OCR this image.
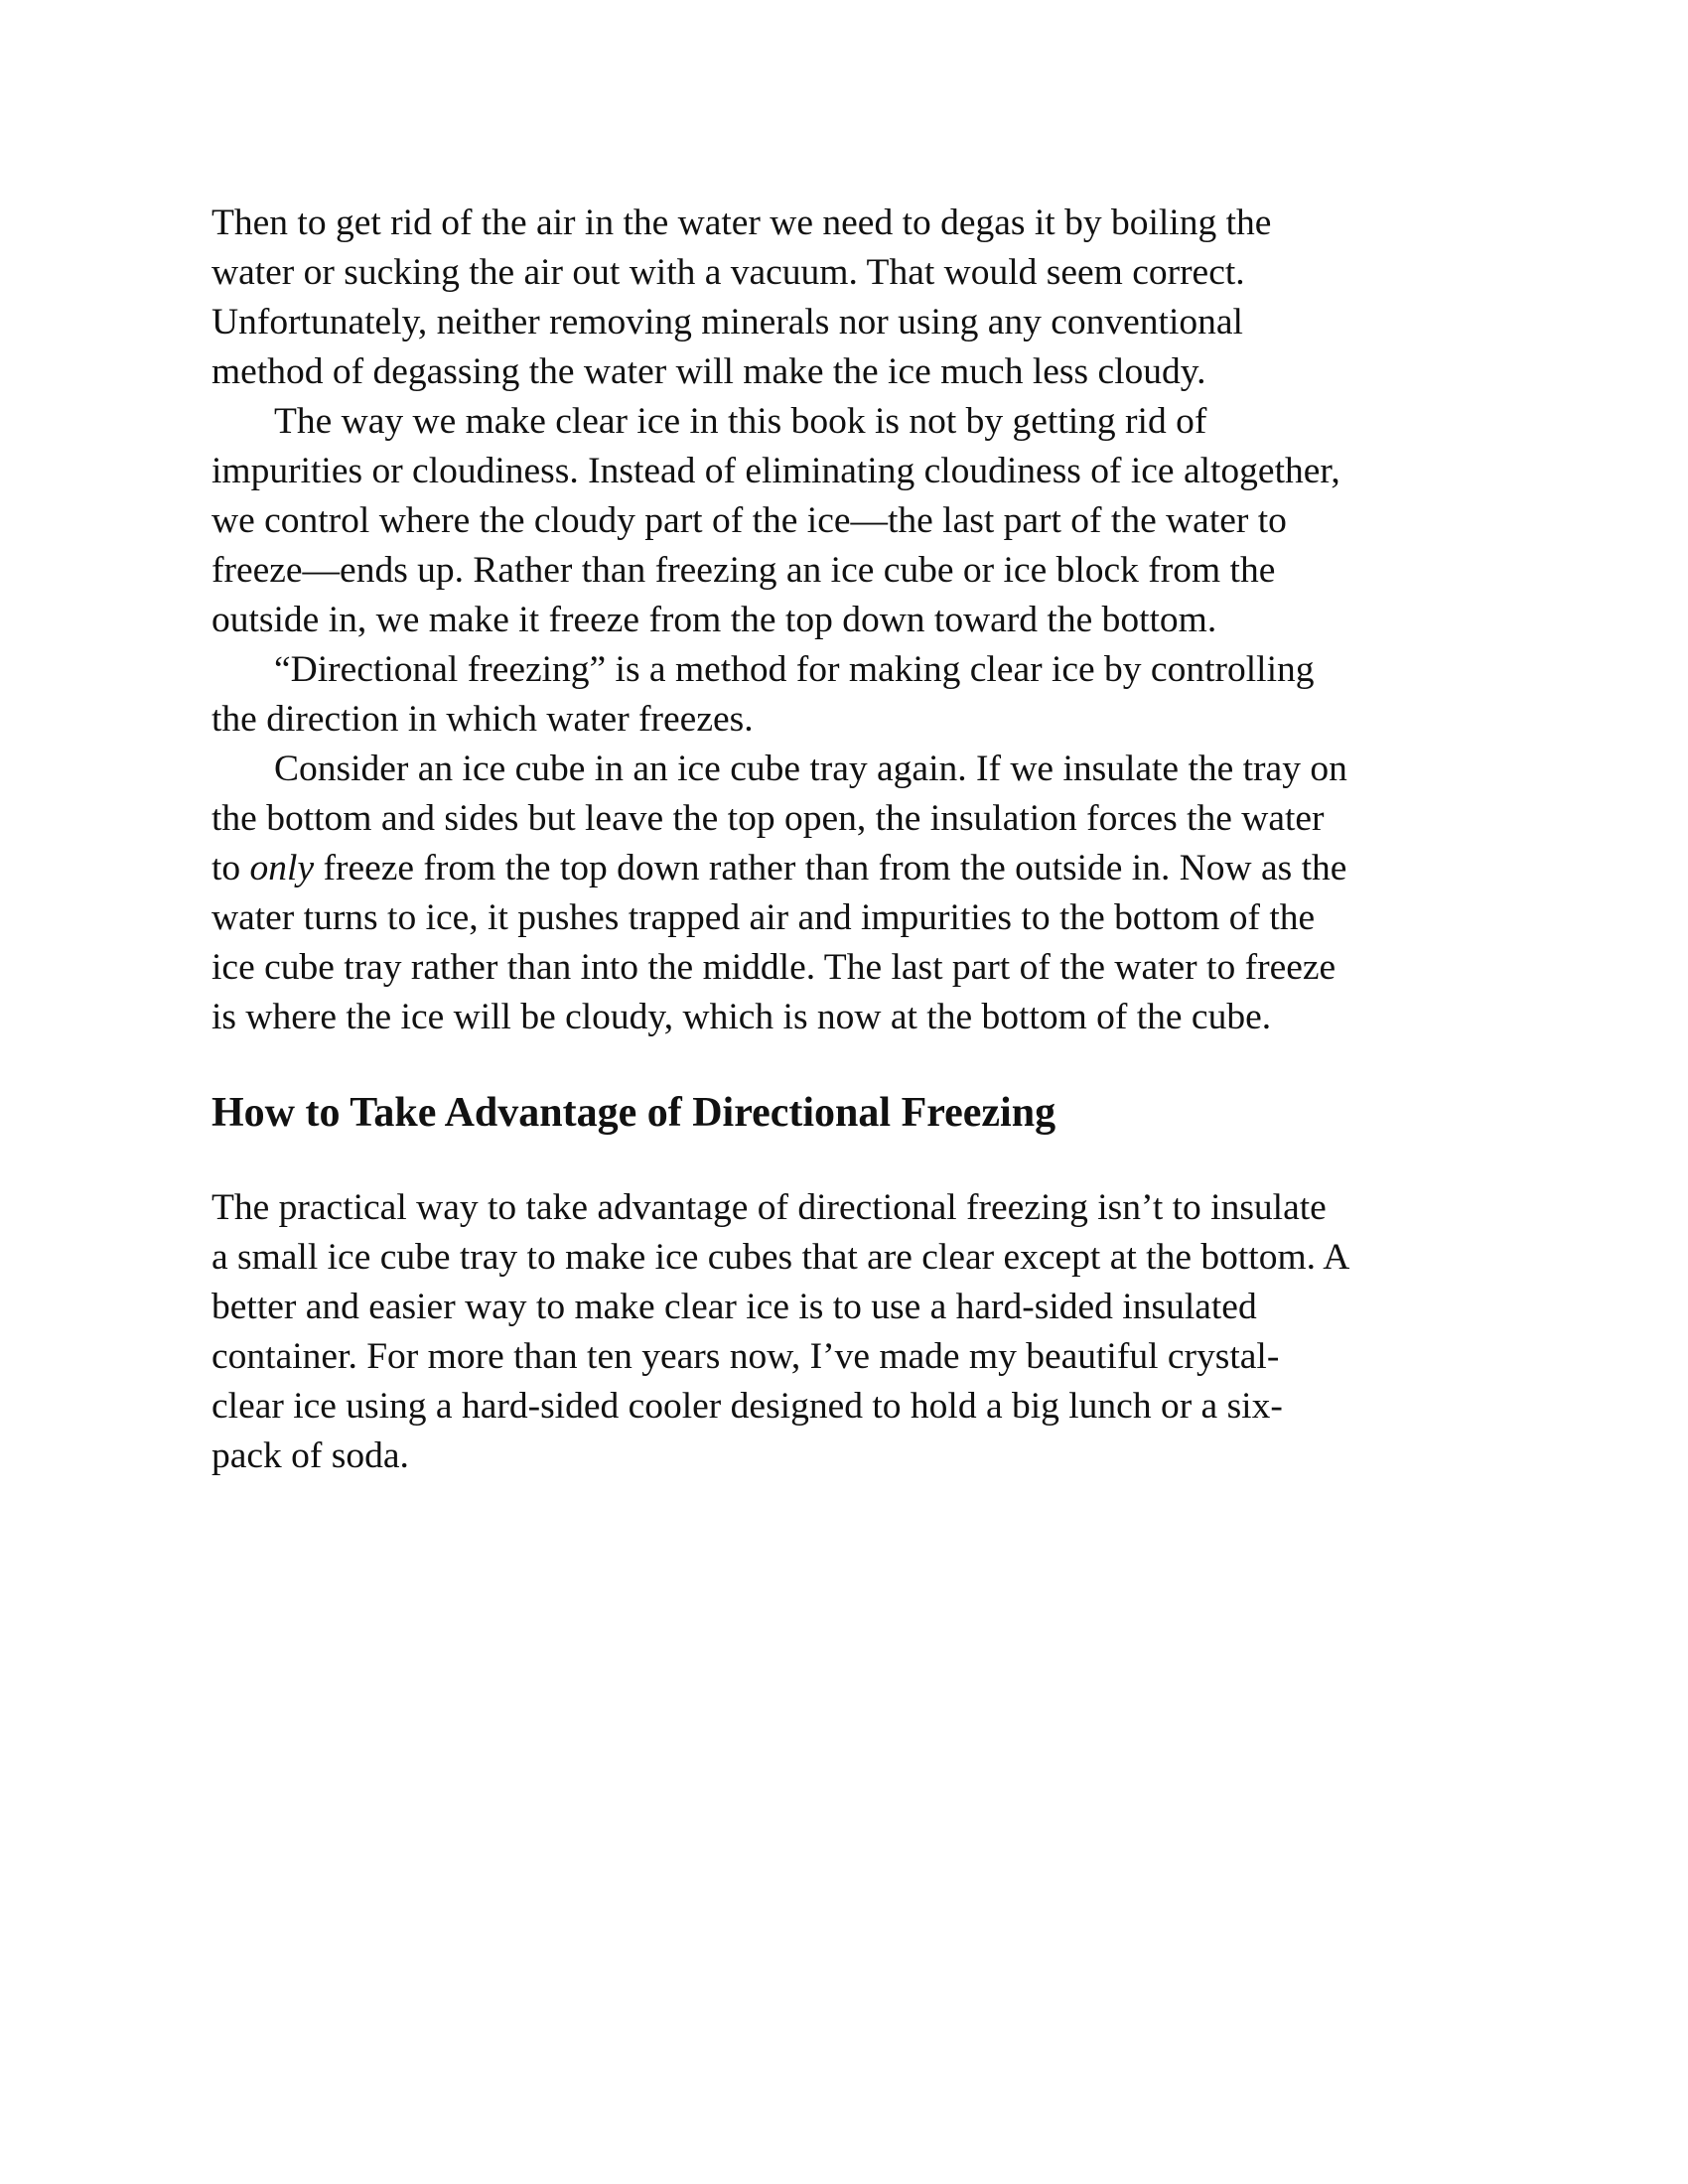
Then to get rid of the air in the water we need to degas it by boiling the
water or sucking the air out with a vacuum. That would seem correct.
Unfortunately, neither removing minerals nor using any conventional
method of degassing the water will make the ice much less cloudy.

The way we make clear ice in this book is not by getting rid of
impurities or cloudiness. Instead of eliminating cloudiness of ice altogether,
we control where the cloudy part of the ice—the last part of the water to
freeze—ends up. Rather than freezing an ice cube or ice block from the
outside in, we make it freeze from the top down toward the bottom.

“Directional freezing” is a method for making clear ice by controlling
the direction in which water freezes.

Consider an ice cube in an ice cube tray again. If we insulate the tray on
the bottom and sides but leave the top open, the insulation forces the water
to only freeze from the top down rather than from the outside in. Now as the
water turns to ice, it pushes trapped air and impurities to the bottom of the
ice cube tray rather than into the middle. The last part of the water to freeze
is where the ice will be cloudy, which is now at the bottom of the cube.

How to Take Advantage of Directional Freezing

The practical way to take advantage of directional freezing isn’t to insulate
a small ice cube tray to make ice cubes that are clear except at the bottom. A
better and easier way to make clear ice is to use a hard-sided insulated
container. For more than ten years now, I’ve made my beautiful crystal-
clear ice using a hard-sided cooler designed to hold a big lunch or a six-
pack of soda.
